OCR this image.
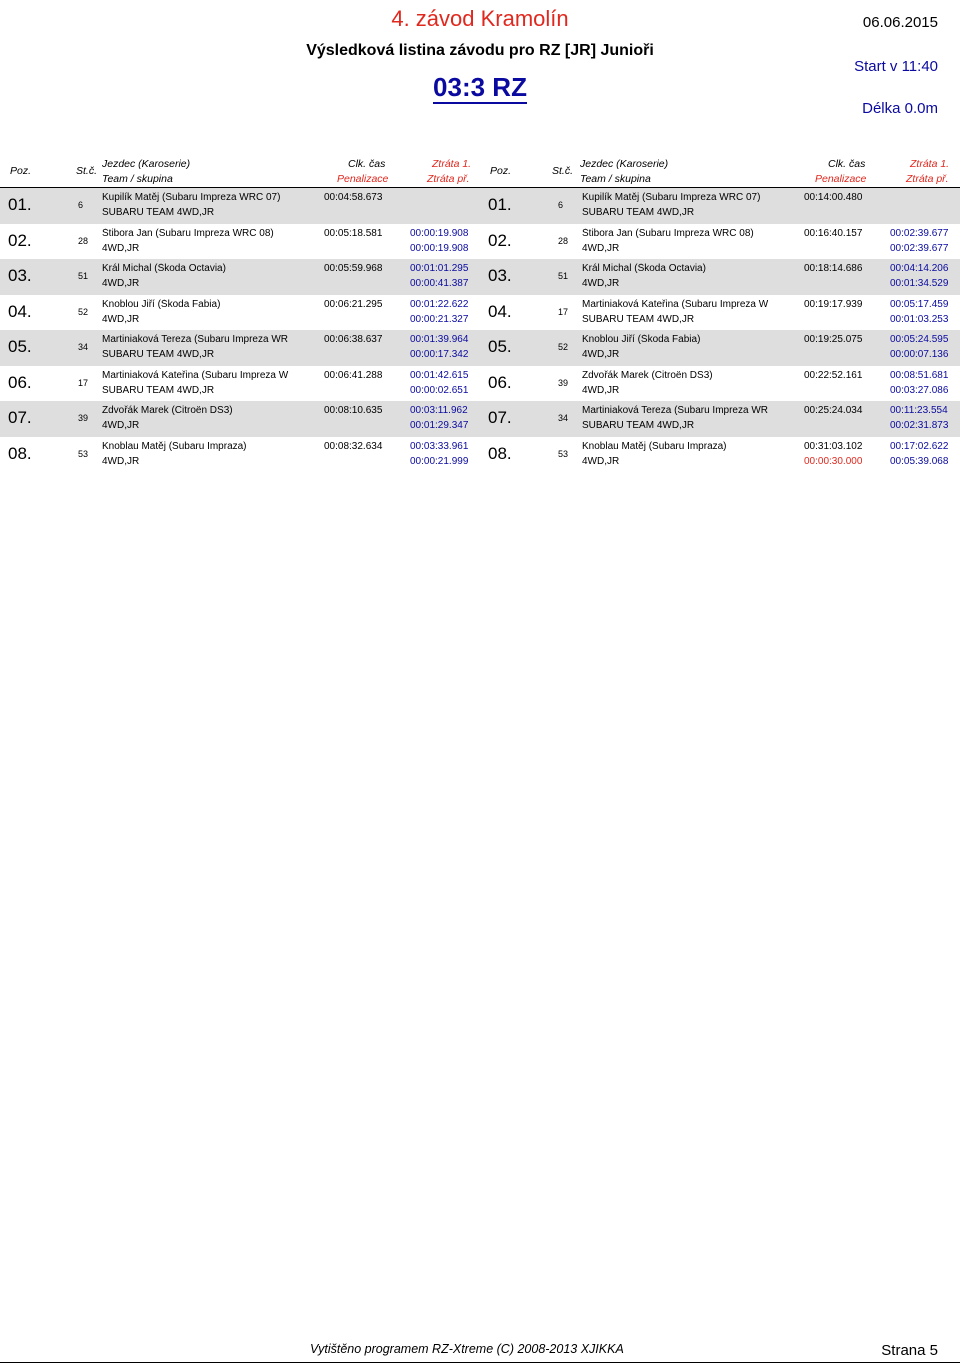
4. závod Kramolín
Výsledková listina závodu pro RZ [JR] Junioři
03:3 RZ
06.06.2015
Start v 11:40
Délka 0.0m
Poz.	St.č.
Jezdec (Karoserie)
Team / skupina
Clk. čas
Penalizace
Ztráta 1.
Ztráta př.
01.	6
Kupilík Matěj (Subaru Impreza WRC 07)
SUBARU TEAM 4WD,JR
00:04:58.673
02.	28
Štibora Jan (Subaru Impreza WRC 08)
4WD,JR
00:05:18.581	00:00:19.908
00:00:19.908
03.	51
Král Michal (Škoda Octavia)
4WD,JR
00:05:59.968	00:01:01.295
00:00:41.387
04.	52
Knoblou Jiří (Škoda Fabia)
4WD,JR
00:06:21.295	00:01:22.622
00:00:21.327
05.	34
Martiniaková Tereza (Subaru Impreza WR
SUBARU TEAM 4WD,JR
00:06:38.637	00:01:39.964
00:00:17.342
06.	17
Martiniaková Kateřina (Subaru Impreza W
SUBARU TEAM 4WD,JR
00:06:41.288	00:01:42.615
00:00:02.651
07.	39
Zdvořák Marek (Citroën DS3)
4WD,JR
00:08:10.635	00:03:11.962
00:01:29.347
08.	53
Knoblau Matěj (Subaru Impraza)
4WD,JR
00:08:32.634	00:03:33.961
00:00:21.999
Poz.	St.č.
Jezdec (Karoserie)
Team / skupina
Clk. čas
Penalizace
Ztráta 1.
Ztráta př.
01.	6
Kupilík Matěj (Subaru Impreza WRC 07)
SUBARU TEAM 4WD,JR
00:14:00.480
02.	28
Štibora Jan (Subaru Impreza WRC 08)
4WD,JR
00:16:40.157	00:02:39.677
00:02:39.677
03.	51
Král Michal (Škoda Octavia)
4WD,JR
00:18:14.686	00:04:14.206
00:01:34.529
04.	17
Martiniaková Kateřina (Subaru Impreza W
SUBARU TEAM 4WD,JR
00:19:17.939	00:05:17.459
00:01:03.253
05.	52
Knoblou Jiří (Škoda Fabia)
4WD,JR
00:19:25.075	00:05:24.595
00:00:07.136
06.	39
Zdvořák Marek (Citroën DS3)
4WD,JR
00:22:52.161	00:08:51.681
00:03:27.086
07.	34
Martiniaková Tereza (Subaru Impreza WR
SUBARU TEAM 4WD,JR
00:25:24.034	00:11:23.554
00:02:31.873
08.	53
Knoblau Matěj (Subaru Impraza)
4WD,JR
00:31:03.102
00:00:30.000
00:17:02.622
00:05:39.068
Vytištěno programem RZ-Xtreme (C) 2008-2013 XJIKKA	Strana 5
